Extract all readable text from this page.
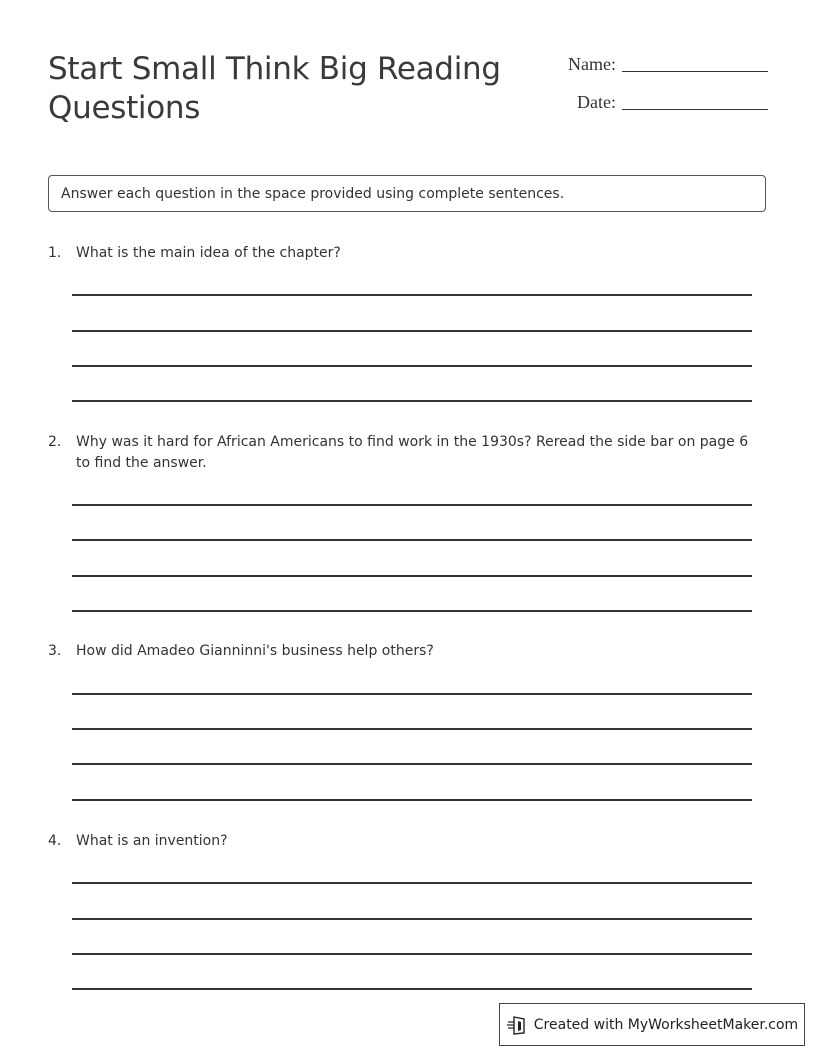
Start Small Think Big Reading Questions
Name:
Date:
Answer each question in the space provided using complete sentences.
1.	What is the main idea of the chapter?
2.	Why was it hard for African Americans to find work in the 1930s? Reread the side bar on page 6 to find the answer.
3.	How did Amadeo Gianninni's business help others?
4.	What is an invention?
Created with MyWorksheetMaker.com
